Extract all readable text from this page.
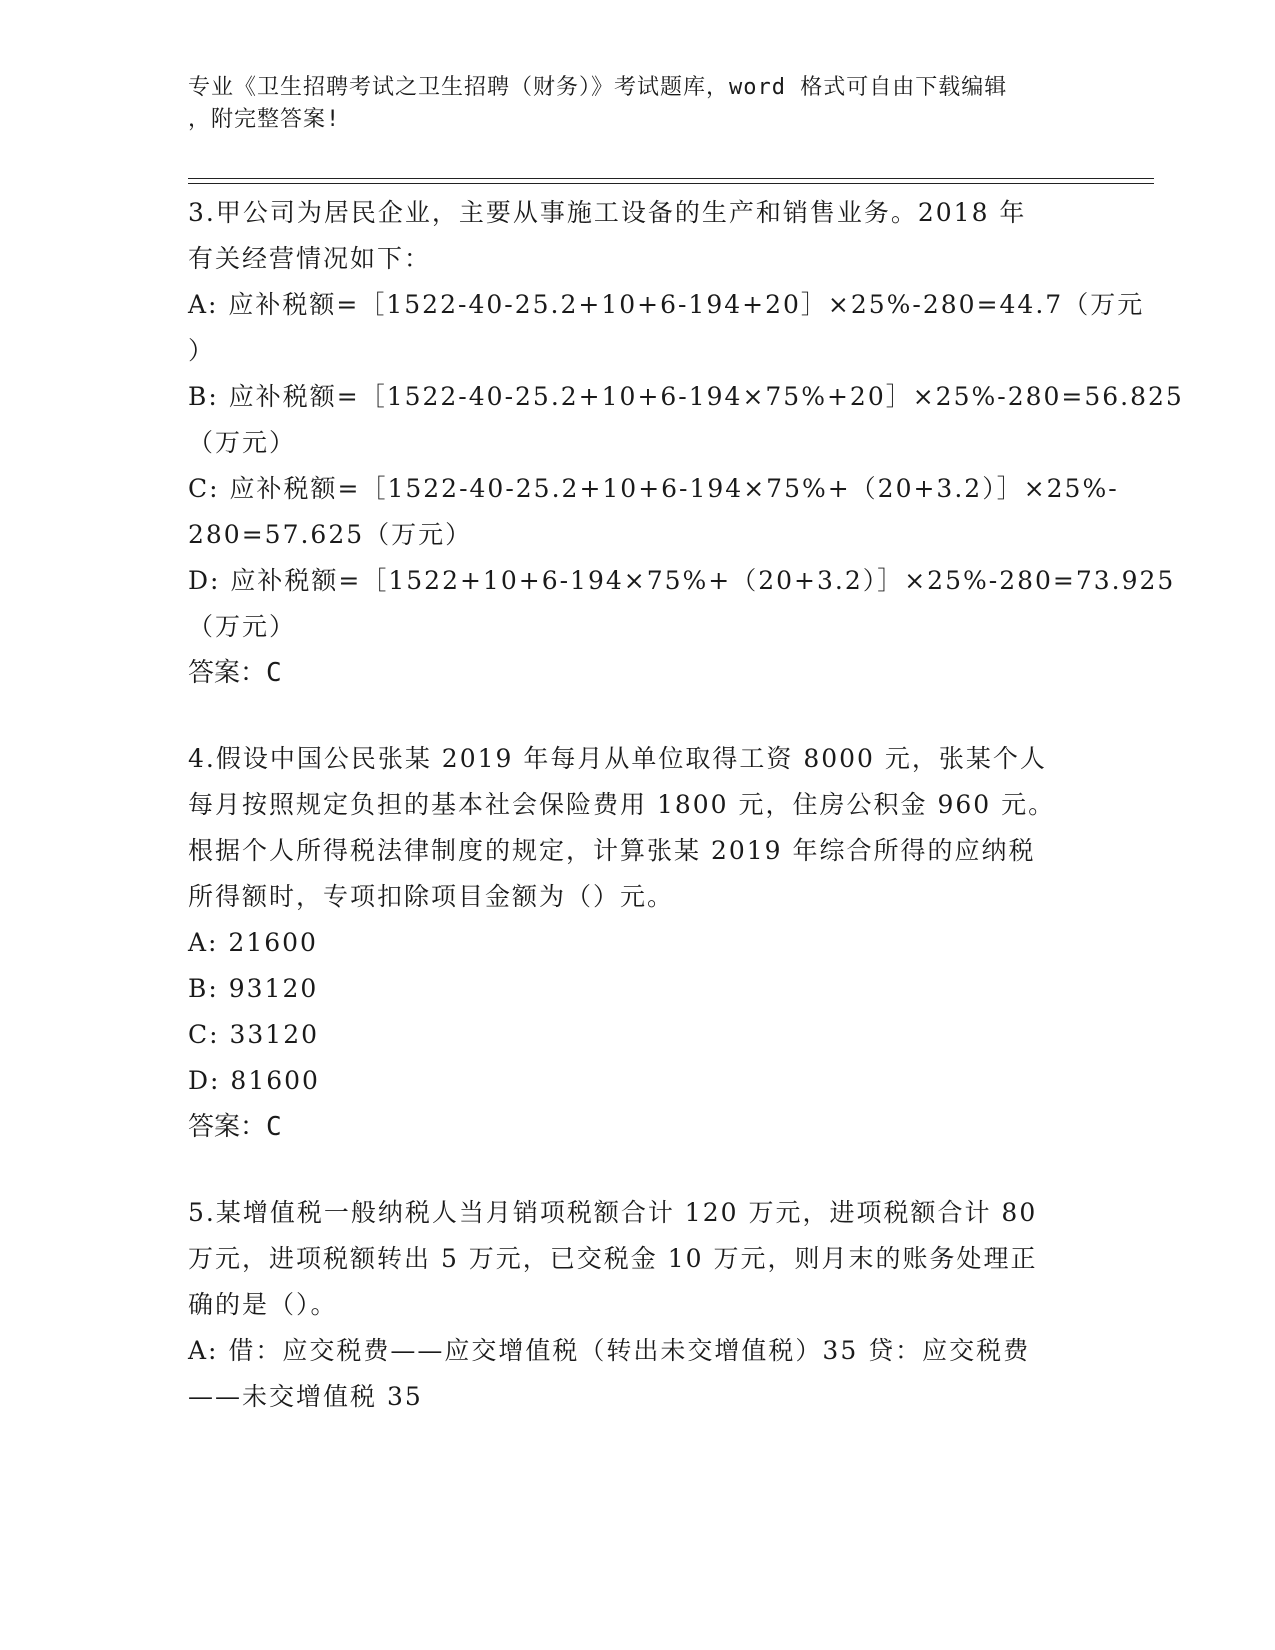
专业《卫生招聘考试之卫生招聘（财务）》考试题库，word 格式可自由下载编辑
，附完整答案!

3.甲公司为居民企业，主要从事施工设备的生产和销售业务。2018 年

有关经营情况如下：

A: 应补税额=［1522-40-25.2+10+6-194+20］×25%-280=44.7（万元

）

B: 应补税额=［1522-40-25.2+10+6-194×75%+20］×25%-280=56.825

（万元）

C: 应补税额=［1522-40-25.2+10+6-194×75%+（20+3.2）］×25%-

280=57.625（万元）

D: 应补税额=［1522+10+6-194×75%+（20+3.2）］×25%-280=73.925

（万元）

答案：C

4.假设中国公民张某 2019 年每月从单位取得工资 8000 元，张某个人

每月按照规定负担的基本社会保险费用 1800 元，住房公积金 960 元。

根据个人所得税法律制度的规定，计算张某 2019 年综合所得的应纳税

所得额时，专项扣除项目金额为（）元。

A: 21600

B: 93120

C: 33120

D: 81600

答案：C

5.某增值税一般纳税人当月销项税额合计 120 万元，进项税额合计 80

万元，进项税额转出 5 万元，已交税金 10 万元，则月末的账务处理正

确的是（）。

A: 借：应交税费——应交增值税（转出未交增值税）35 贷：应交税费

——未交增值税 35
